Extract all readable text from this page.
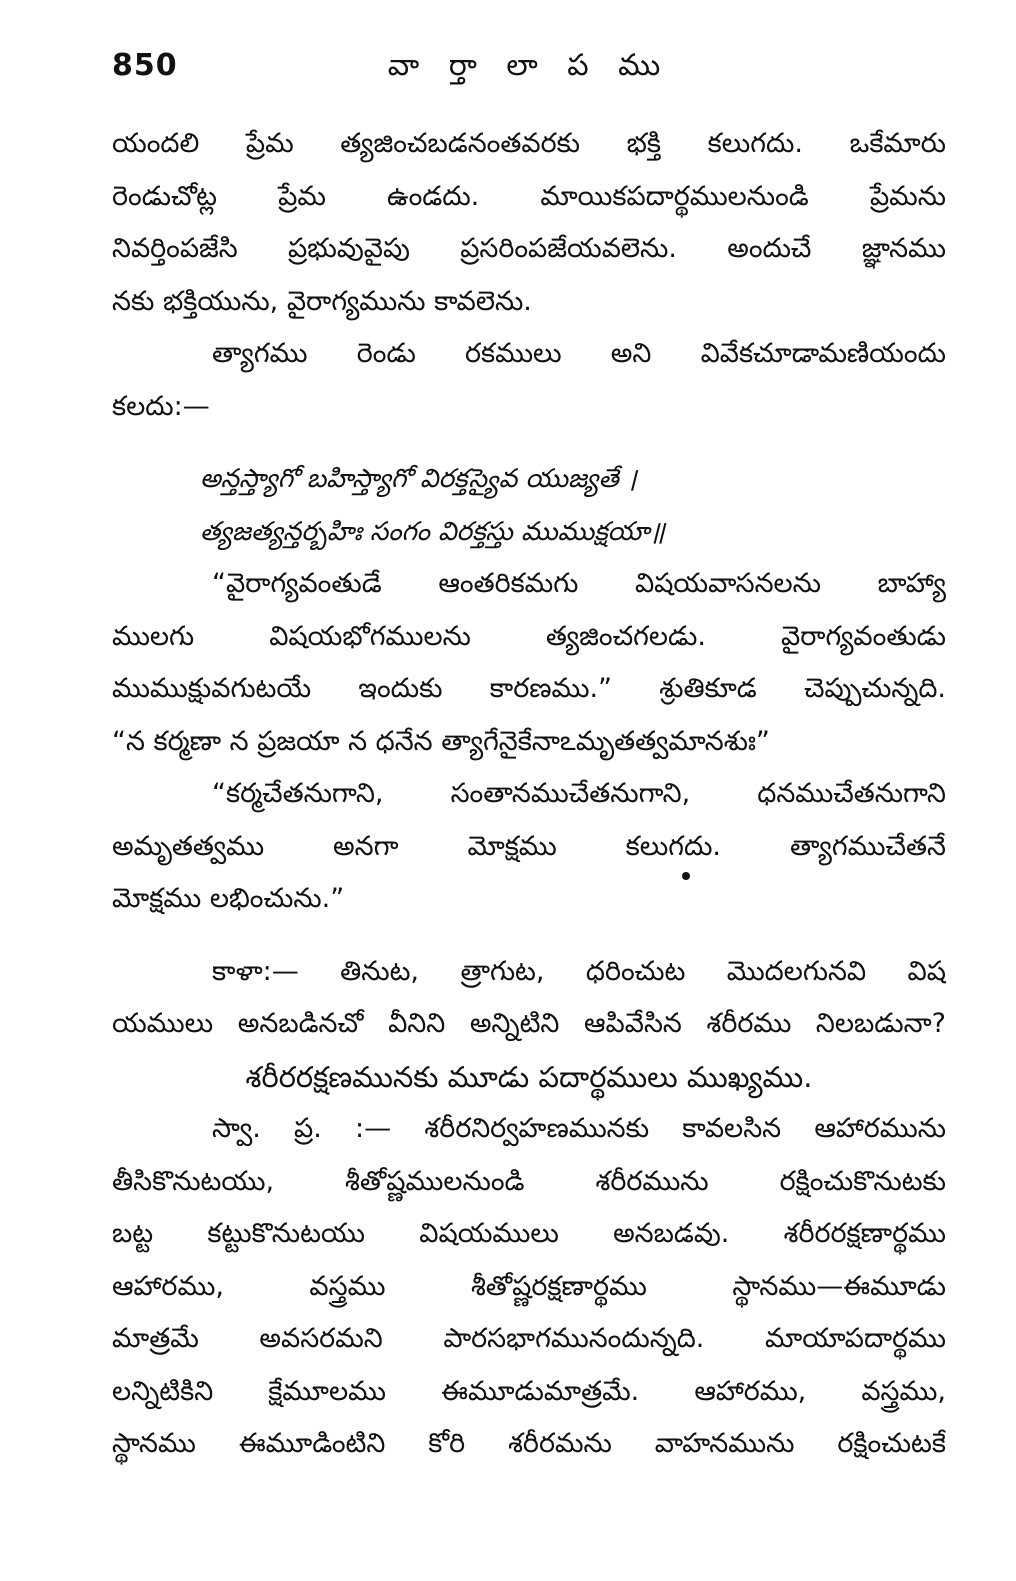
850	వా ర్తా లా ప ము
యందలి ప్రేమ త్యజించబడనంతవరకు భక్తి కలుగదు. ఒకేమారు
రెండుచోట్ల ప్రేమ ఉండదు. మాయికపదార్థములనుండి ప్రేమను
నివర్తింపజేసి ప్రభువువైపు ప్రసరింపజేయవలెను. అందుచే జ్ఞానము
నకు భక్తియును, వైరాగ్యమును కావలెను.
త్యాగము రెండు రకములు అని వివేకచూడామణియందు
కలదు:—
అన్తస్త్యాగో బహిస్త్యాగో విరక్తస్యైవ యుజ్యతే ।
త్యజత్యన్తర్బహిః సంగం విరక్తస్తు ముముక్షయా॥
“వైరాగ్యవంతుడే ఆంతరికమగు విషయవాసనలను బాహ్యా
ములగు విషయభోగములను త్యజించగలడు. వైరాగ్యవంతుడు
ముముక్షువగుటయే ఇందుకు కారణము.” శ్రుతికూడ చెప్పుచున్నది.
“న కర్మణా న ప్రజయా న ధనేన త్యాగేనైకేనాఽమృతత్వమానశుః”
“కర్మచేతనుగాని, సంతానముచేతనుగాని, ధనముచేతనుగాని
అమృతత్వము అనగా మోక్షము కలుగదు. త్యాగముచేతనే
మోక్షము లభించును.”
కాళా:— తినుట, త్రాగుట, ధరించుట మొదలగునవి విష
యములు అనబడినచో వీనిని అన్నిటిని ఆపివేసిన శరీరము నిలబడునా?
శరీరరక్షణమునకు మూడు పదార్థములు ముఖ్యము.
స్వా. ప్ర. :— శరీరనిర్వహణమునకు కావలసిన ఆహారమును
తీసికొనుటయు, శీతోష్ణములనుండి శరీరమును రక్షించుకొనుటకు
బట్ట కట్టుకొనుటయు విషయములు అనబడవు. శరీరరక్షణార్థము
ఆహారము, వస్త్రము శీతోష్ణరక్షణార్థము స్థానము—ఈమూడు
మాత్రమే అవసరమని పారసభాగమునందున్నది. మాయాపదార్థము
లన్నిటికిని క్షేమూలము ఈమూడుమాత్రమే. ఆహారము, వస్త్రము,
స్థానము ఈమూడింటిని కోరి శరీరమను వాహనమును రక్షించుటకే
